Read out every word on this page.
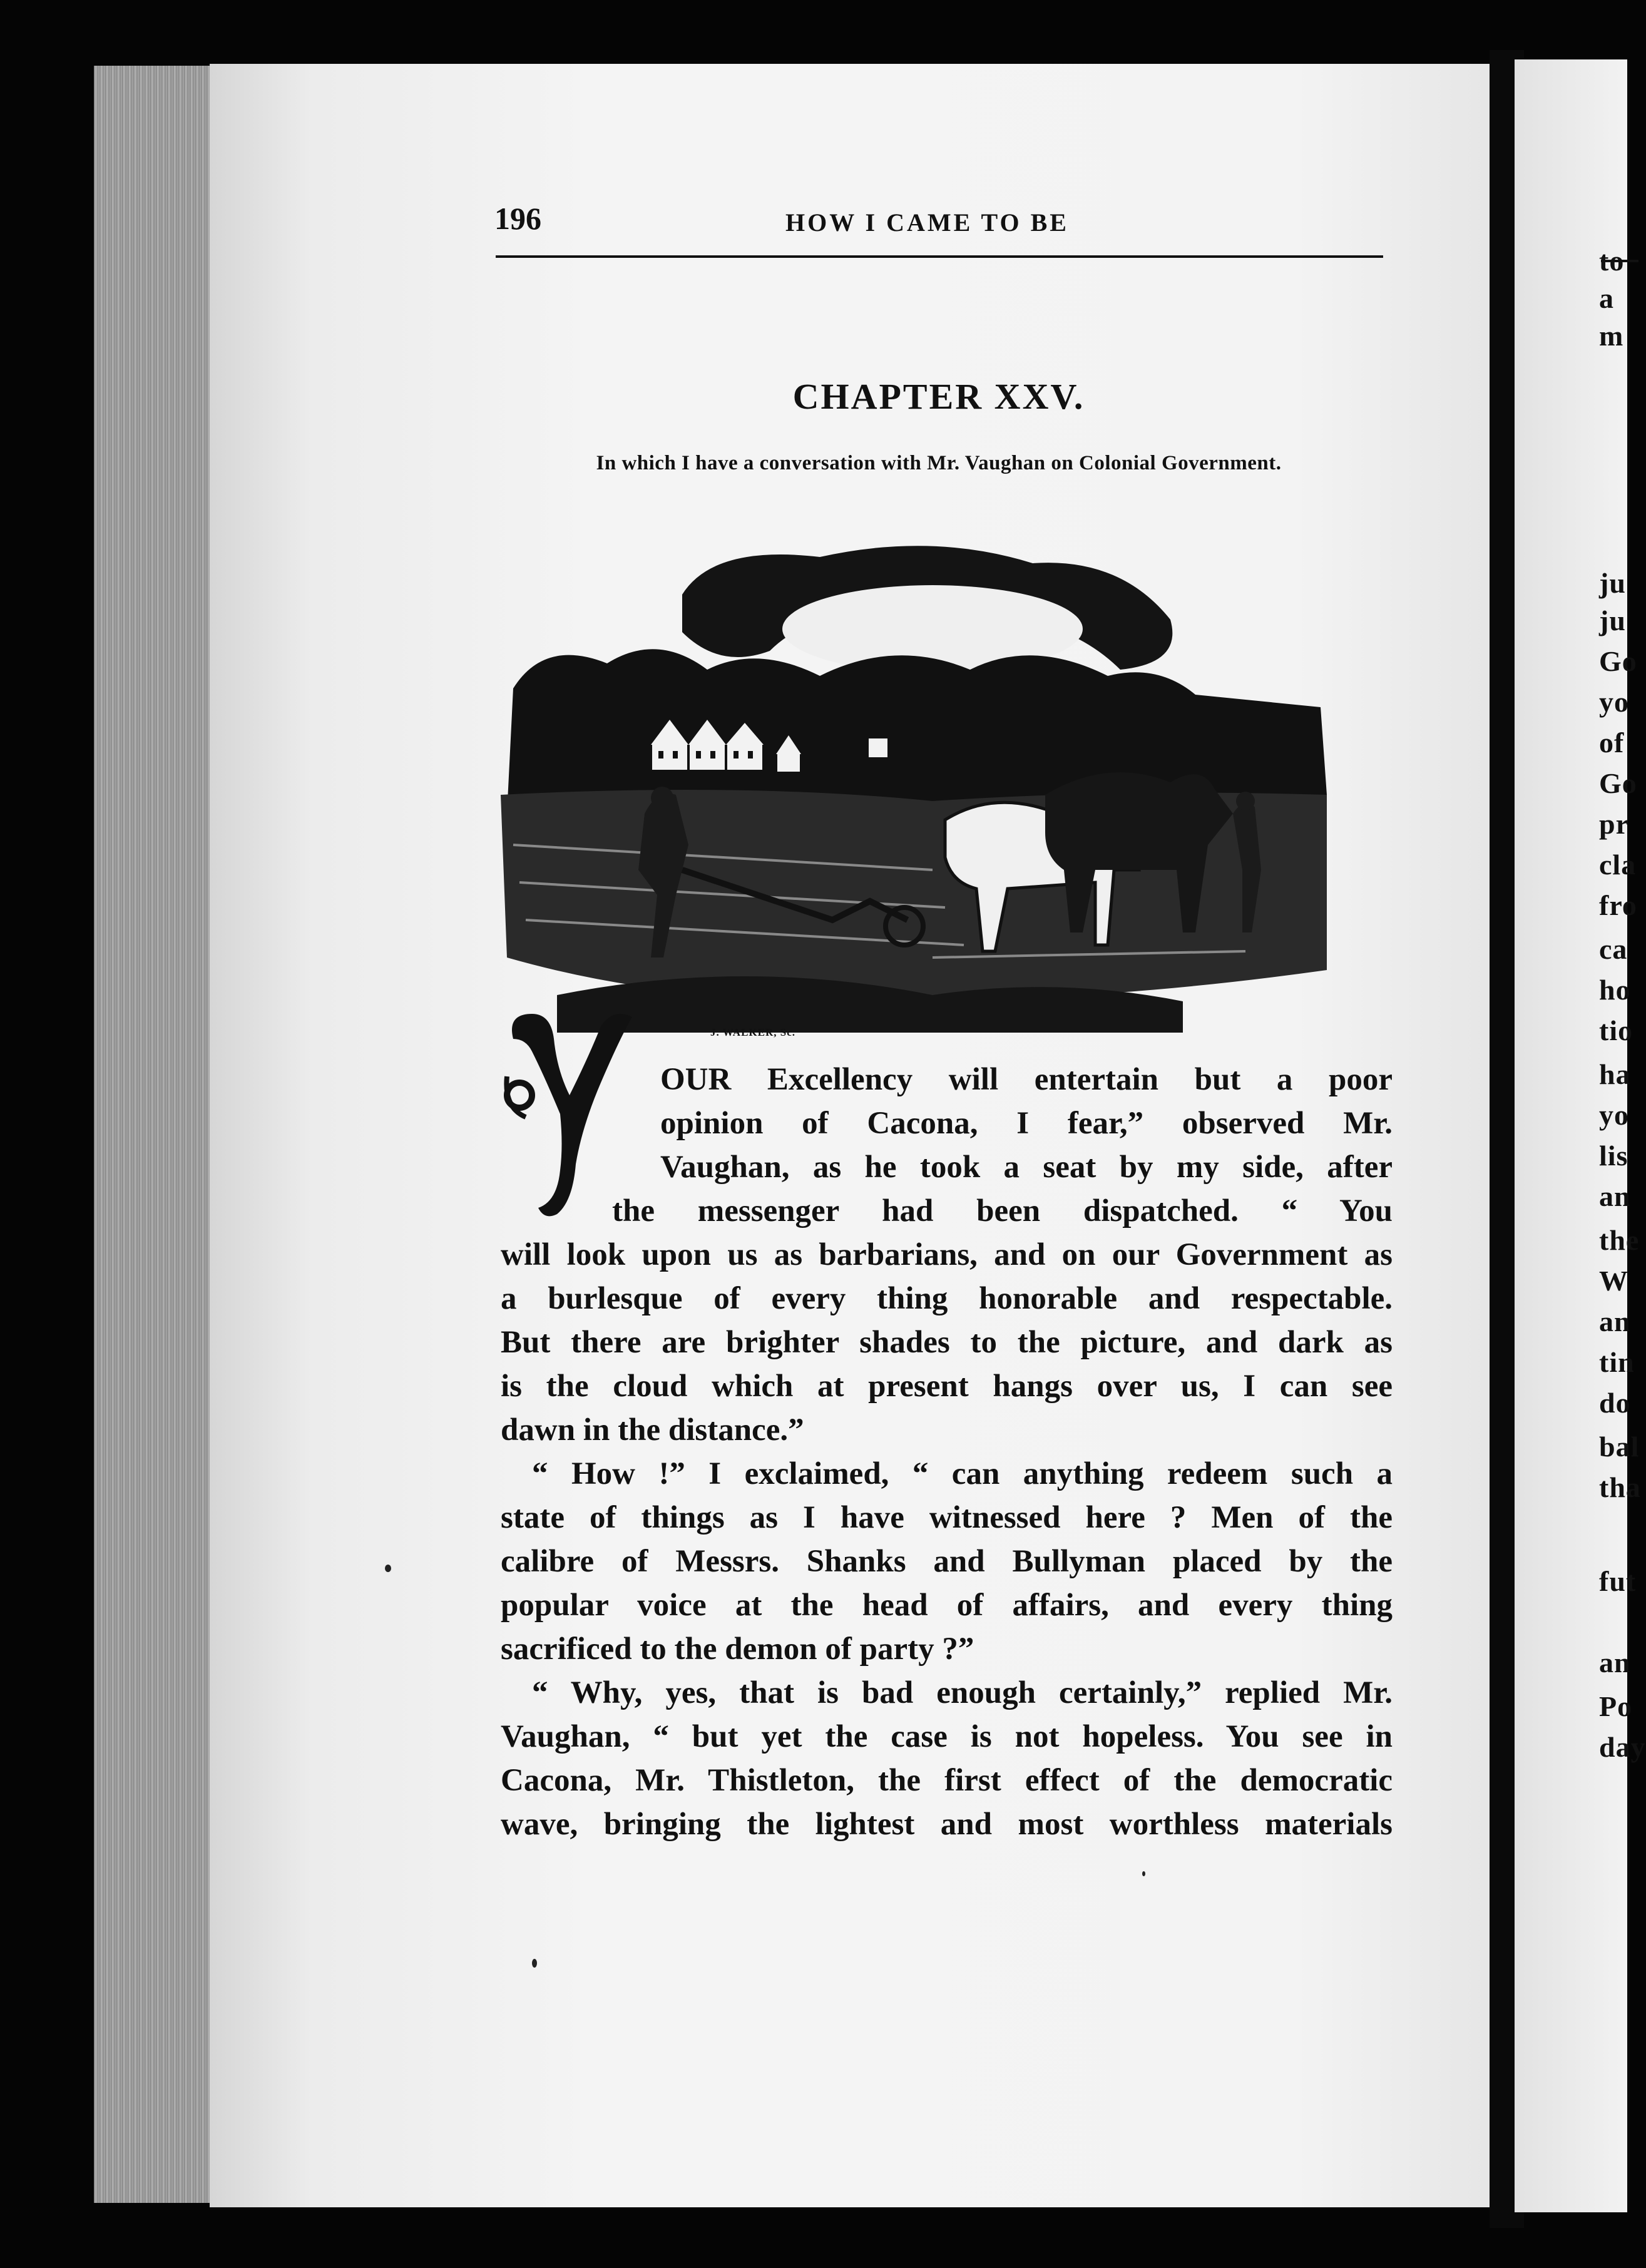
to
a
m
ju
ju
Go
yo
of
Go
pr
cla
fro
ca
ho
tio
ha
yo
lis
an
the
W
an
tin
do
bal
tha
fut
an
Po
day
196	HOW I CAME TO BE
CHAPTER XXV.
In which I have a conversation with Mr. Vaughan on Colonial Government.
J. WALKER, Sc.
OUR Excellency will entertain but a poor
opinion of Cacona, I fear,” observed Mr.
Vaughan, as he took a seat by my side, after
the messenger had been dispatched. “ You
will look upon us as barbarians, and on our Government as
a burlesque of every thing honorable and respectable.
But there are brighter shades to the picture, and dark as
is the cloud which at present hangs over us, I can see
dawn in the distance.”
“ How !” I exclaimed, “ can anything redeem such a
state of things as I have witnessed here ? Men of the
calibre of Messrs. Shanks and Bullyman placed by the
popular voice at the head of affairs, and every thing
sacrificed to the demon of party ?”
“ Why, yes, that is bad enough certainly,” replied Mr.
Vaughan, “ but yet the case is not hopeless. You see in
Cacona, Mr. Thistleton, the first effect of the democratic
wave, bringing the lightest and most worthless materials
